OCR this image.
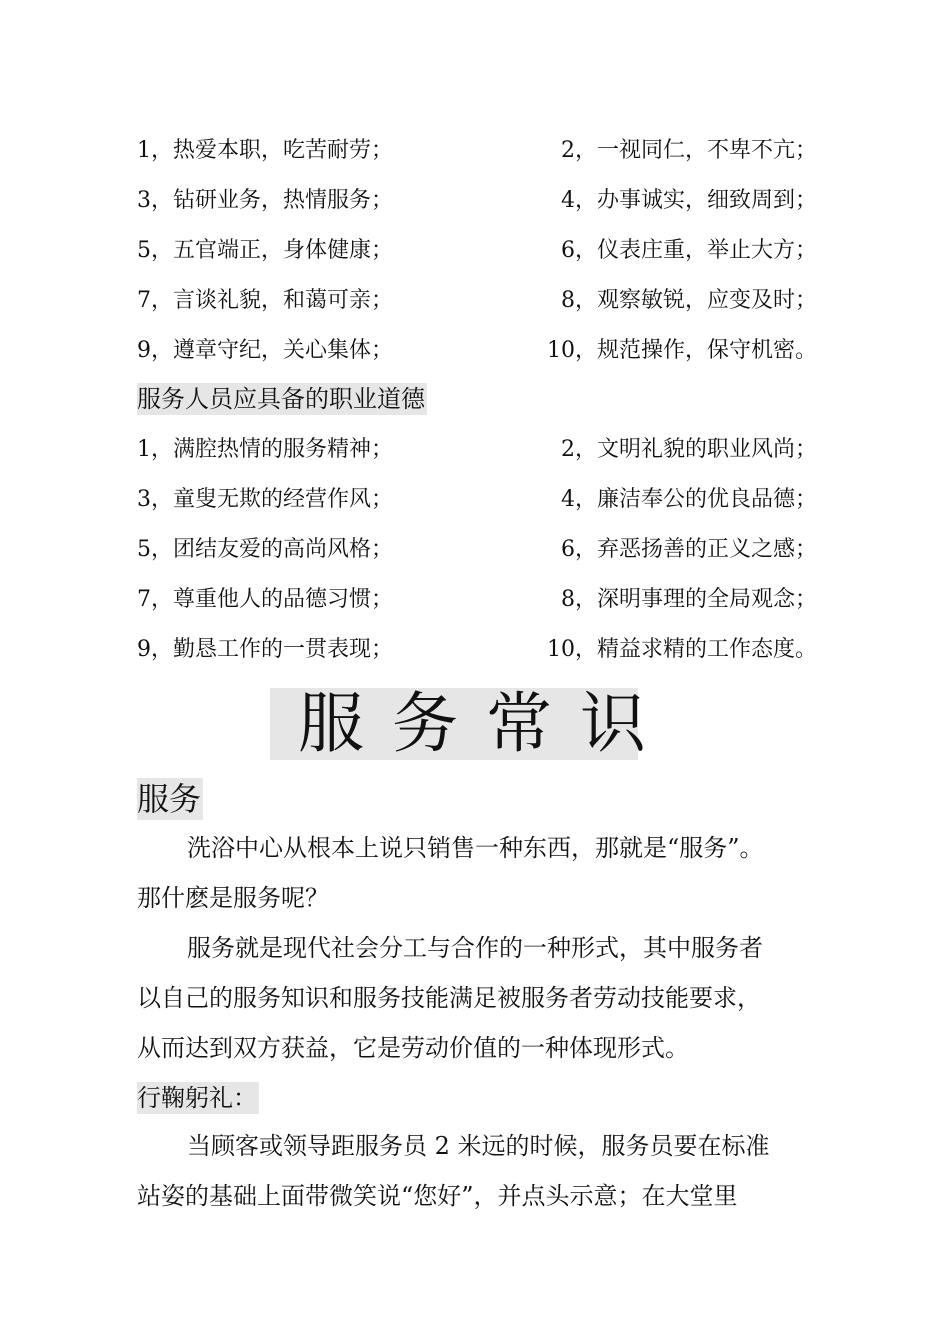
1，热爱本职，吃苦耐劳；	2，一视同仁，不卑不亢；
3，钻研业务，热情服务；	4，办事诚实，细致周到；
5，五官端正，身体健康；	6，仪表庄重，举止大方；
7，言谈礼貌，和蔼可亲；	8，观察敏锐，应变及时；
9，遵章守纪，关心集体；	10，规范操作，保守机密。
服务人员应具备的职业道德
1，满腔热情的服务精神；	2，文明礼貌的职业风尚；
3，童叟无欺的经营作风；	4，廉洁奉公的优良品德；
5，团结友爱的高尚风格；	6，弃恶扬善的正义之感；
7，尊重他人的品德习惯；	8，深明事理的全局观念；
9，勤恳工作的一贯表现；	10，精益求精的工作态度。
服务常识
服务
洗浴中心从根本上说只销售一种东西，那就是“服务”。
那什麽是服务呢？
服务就是现代社会分工与合作的一种形式，其中服务者
以自己的服务知识和服务技能满足被服务者劳动技能要求，
从而达到双方获益，它是劳动价值的一种体现形式。
行鞠躬礼：
当顾客或领导距服务员 2 米远的时候，服务员要在标准
站姿的基础上面带微笑说“您好”，并点头示意；在大堂里
